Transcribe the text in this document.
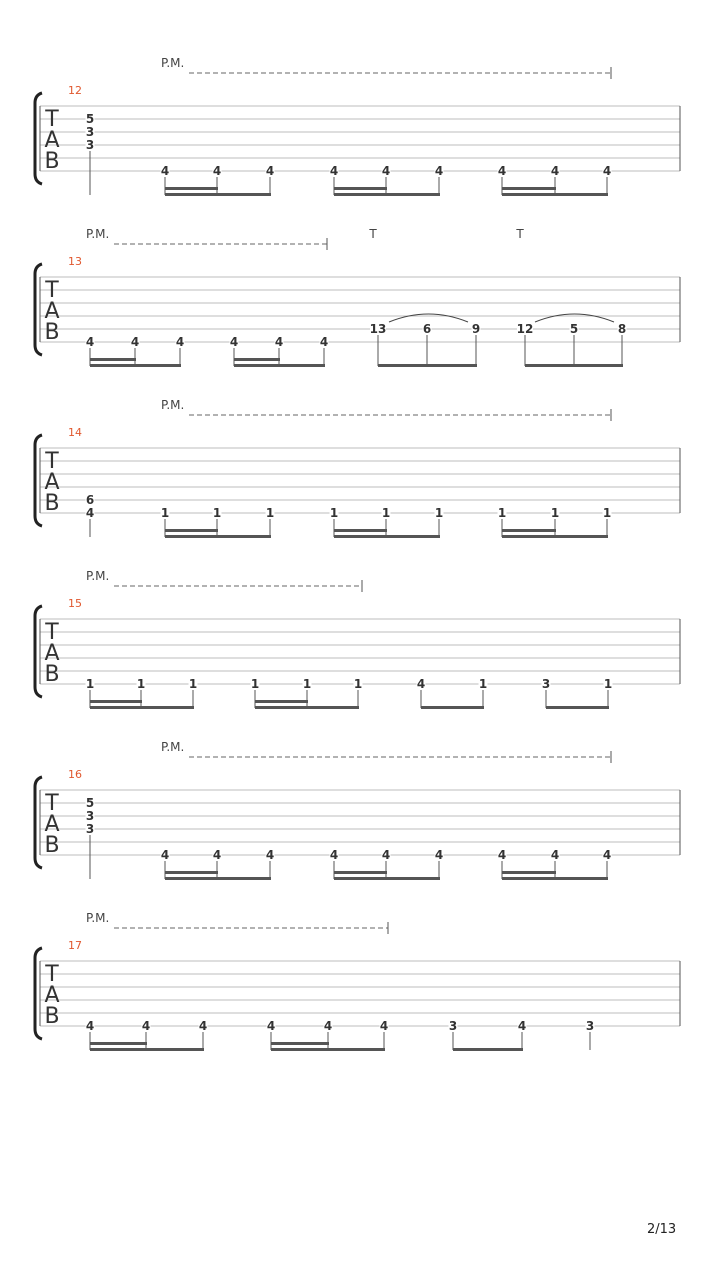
12
T
A
B
P.M.
5
3
3
4	4	4	4	4	4	4	4	4
13
T
A
B
P.M.	T	T
4	4	4	4	4	4
13	6	9	12	5	8
14
T
A
B
P.M.
6
4	1	1	1	1	1	1	1	1	1
15
T
A
B
P.M.
1	1	1	1	1	1	4	1	3	1
16
T
A
B
P.M.
5
3
3
4	4	4	4	4	4	4	4	4
17
T
A
B
P.M.
4	4	4	4	4	4	3	4	3
2/13
